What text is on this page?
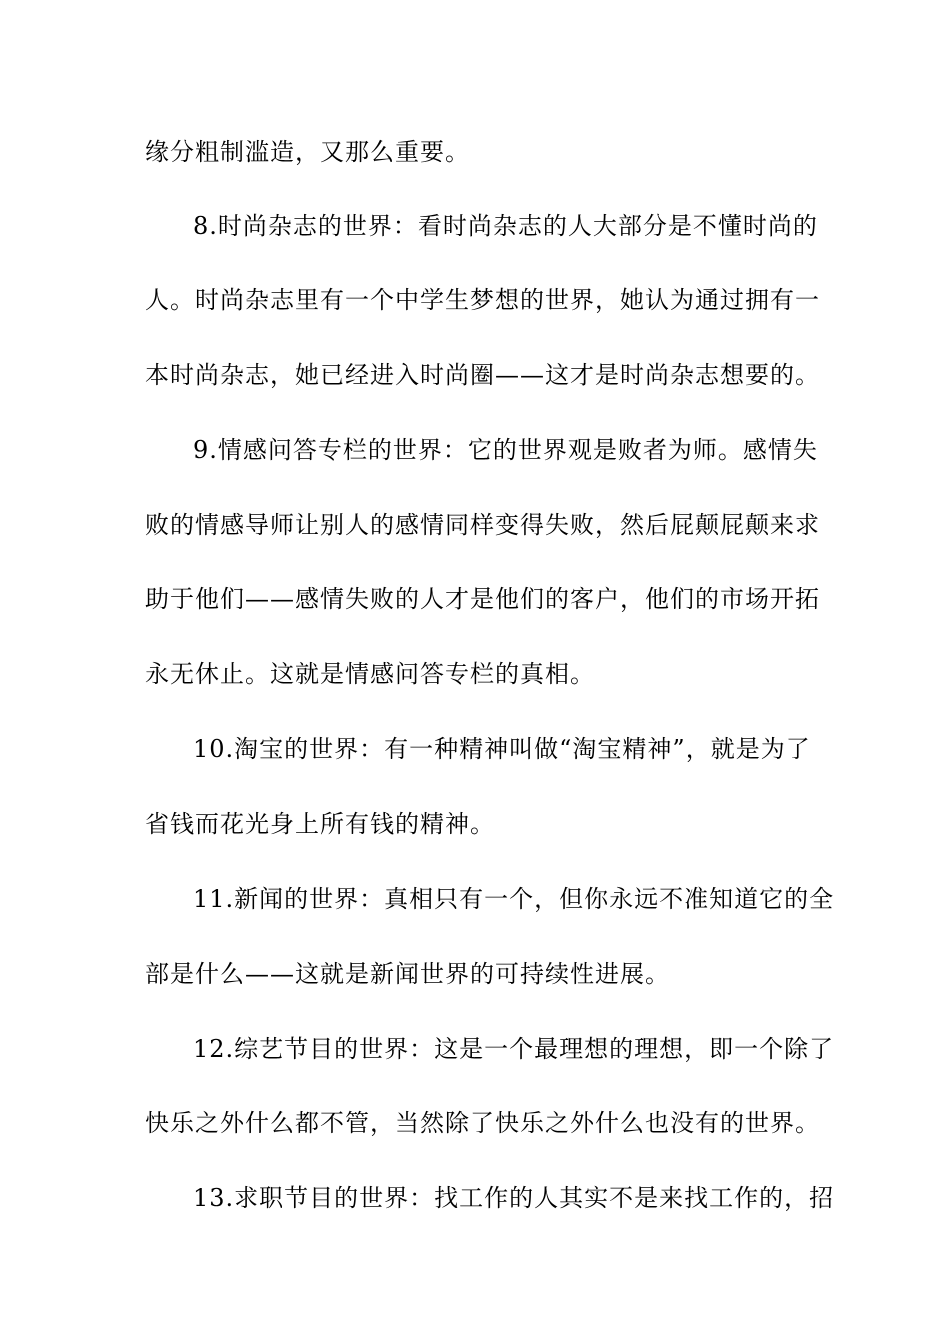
缘分粗制滥造，又那么重要。
8.时尚杂志的世界：看时尚杂志的人大部分是不懂时尚的
人。时尚杂志里有一个中学生梦想的世界，她认为通过拥有一
本时尚杂志，她已经进入时尚圈——这才是时尚杂志想要的。
9.情感问答专栏的世界：它的世界观是败者为师。感情失
败的情感导师让别人的感情同样变得失败，然后屁颠屁颠来求
助于他们——感情失败的人才是他们的客户，他们的市场开拓
永无休止。这就是情感问答专栏的真相。
10.淘宝的世界：有一种精神叫做“淘宝精神”，就是为了
省钱而花光身上所有钱的精神。
11.新闻的世界：真相只有一个，但你永远不准知道它的全
部是什么——这就是新闻世界的可持续性进展。
12.综艺节目的世界：这是一个最理想的理想，即一个除了
快乐之外什么都不管，当然除了快乐之外什么也没有的世界。
13.求职节目的世界：找工作的人其实不是来找工作的，招
